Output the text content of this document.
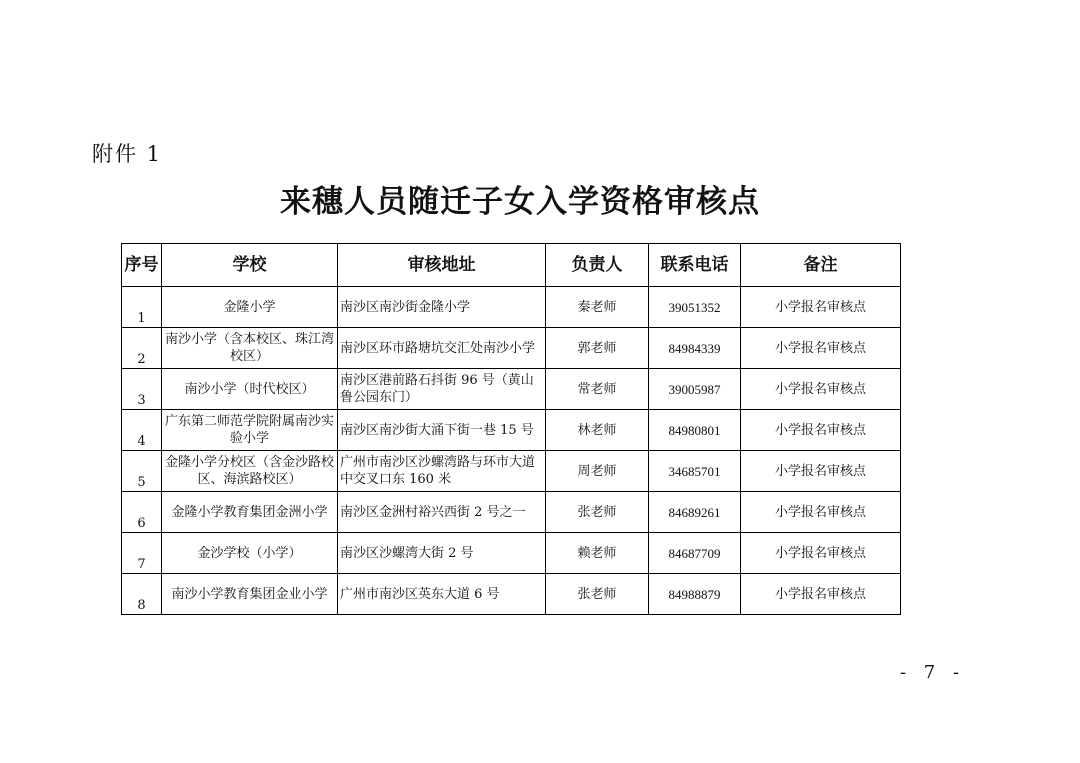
附件 1
来穗人员随迁子女入学资格审核点
序号	学校	审核地址	负责人	联系电话	备注
1	金隆小学	南沙区南沙街金隆小学	秦老师	39051352	小学报名审核点
2	南沙小学（含本校区、珠江湾校区）	南沙区环市路塘坑交汇处南沙小学	郭老师	84984339	小学报名审核点
3	南沙小学（时代校区）	南沙区港前路石抖街 96 号（黄山鲁公园东门）	常老师	39005987	小学报名审核点
4	广东第二师范学院附属南沙实验小学	南沙区南沙街大涌下街一巷 15 号	林老师	84980801	小学报名审核点
5	金隆小学分校区（含金沙路校区、海滨路校区）	广州市南沙区沙螺湾路与环市大道中交叉口东 160 米	周老师	34685701	小学报名审核点
6	金隆小学教育集团金洲小学	南沙区金洲村裕兴西街 2 号之一	张老师	84689261	小学报名审核点
7	金沙学校（小学）	南沙区沙螺湾大街 2 号	赖老师	84687709	小学报名审核点
8	南沙小学教育集团金业小学	广州市南沙区英东大道 6 号	张老师	84988879	小学报名审核点
- 7 -
